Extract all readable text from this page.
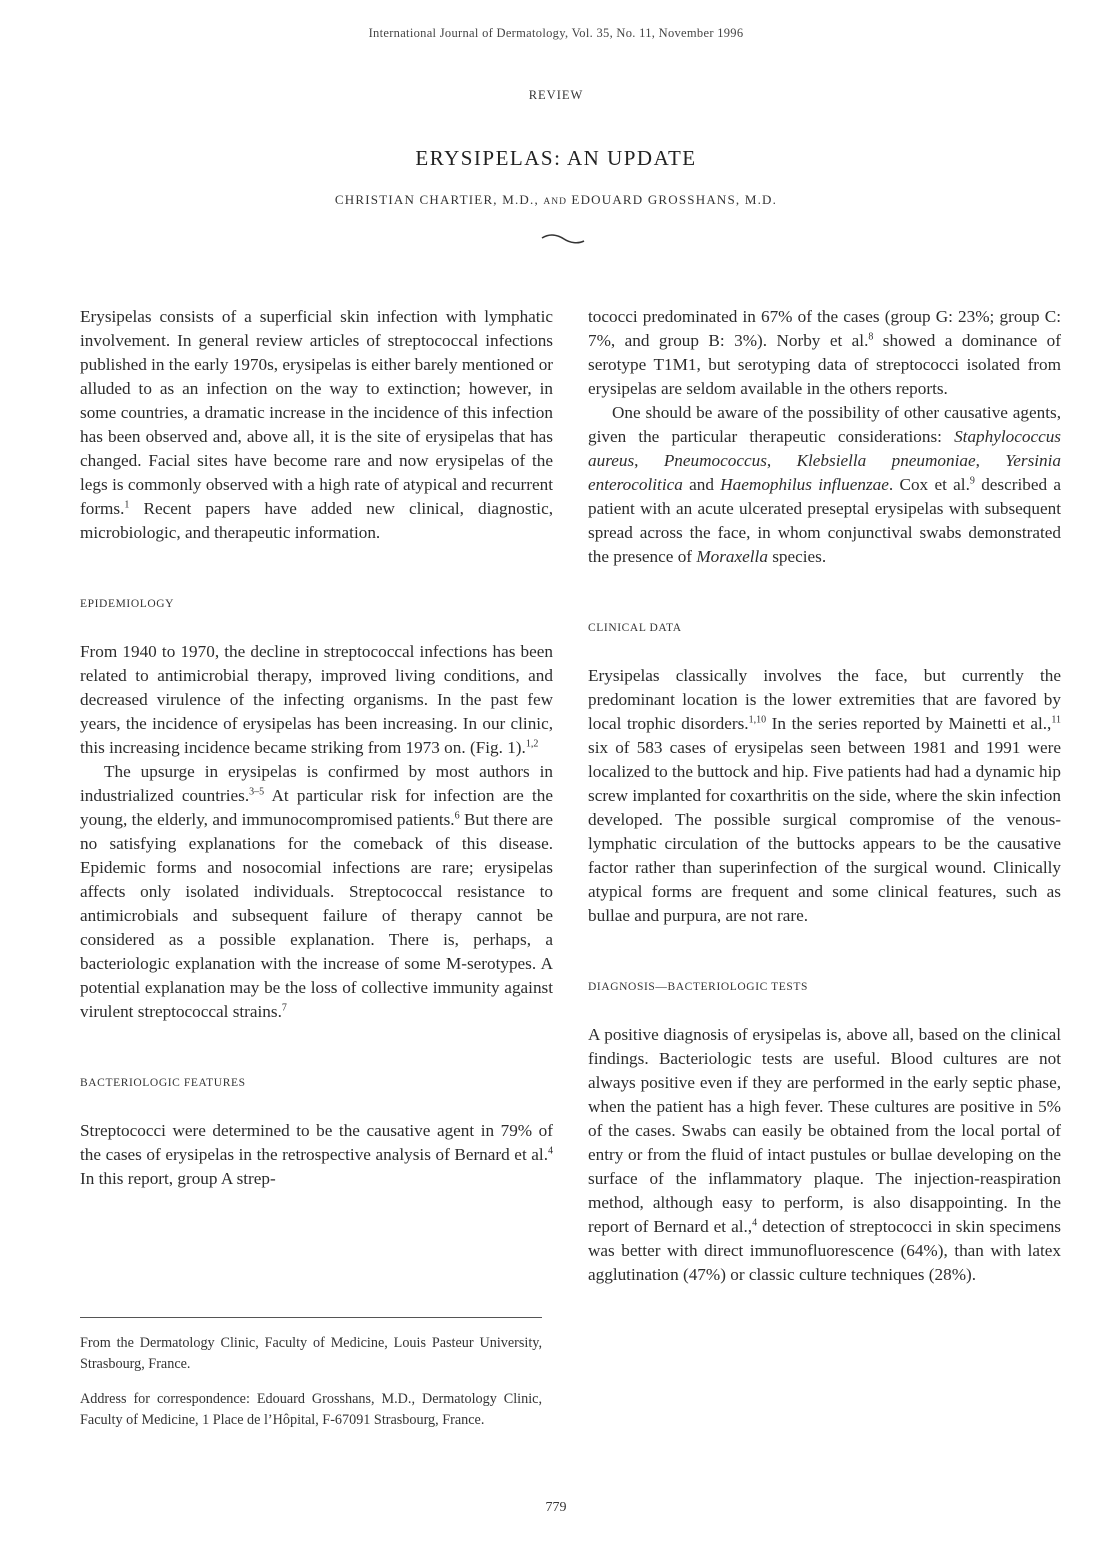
International Journal of Dermatology, Vol. 35, No. 11, November 1996
REVIEW
ERYSIPELAS: AN UPDATE
CHRISTIAN CHARTIER, M.D., AND EDOUARD GROSSHANS, M.D.

Erysipelas consists of a superficial skin infection with lymphatic involvement. In general review articles of streptococcal infections published in the early 1970s, erysipelas is either barely mentioned or alluded to as an infection on the way to extinction; however, in some countries, a dramatic increase in the incidence of this infection has been observed and, above all, it is the site of erysipelas that has changed. Facial sites have become rare and now erysipelas of the legs is commonly observed with a high rate of atypical and recurrent forms.$^1$ Recent papers have added new clinical, diagnostic, microbiologic, and therapeutic information.

EPIDEMIOLOGY

From 1940 to 1970, the decline in streptococcal infections has been related to antimicrobial therapy, improved living conditions, and decreased virulence of the infecting organisms. In the past few years, the incidence of erysipelas has been increasing. In our clinic, this increasing incidence became striking from 1973 on. (Fig. 1).$^{1,2}$

The upsurge in erysipelas is confirmed by most authors in industrialized countries.$^{3-5}$ At particular risk for infection are the young, the elderly, and immunocompromised patients.$^6$ But there are no satisfying explanations for the comeback of this disease. Epidemic forms and nosocomial infections are rare; erysipelas affects only isolated individuals. Streptococcal resistance to antimicrobials and subsequent failure of therapy cannot be considered as a possible explanation. There is, perhaps, a bacteriologic explanation with the increase of some M-serotypes. A potential explanation may be the loss of collective immunity against virulent streptococcal strains.$^7$

BACTERIOLOGIC FEATURES

Streptococci were determined to be the causative agent in 79% of the cases of erysipelas in the retrospective analysis of Bernard et al.$^4$ In this report, group A strep-

tococci predominated in 67% of the cases (group G: 23%; group C: 7%, and group B: 3%). Norby et al.$^8$ showed a dominance of serotype T1M1, but serotyping data of streptococci isolated from erysipelas are seldom available in the others reports.

One should be aware of the possibility of other causative agents, given the particular therapeutic considerations: Staphylococcus aureus, Pneumococcus, Klebsiella pneumoniae, Yersinia enterocolitica and Haemophilus influenzae. Cox et al.$^9$ described a patient with an acute ulcerated preseptal erysipelas with subsequent spread across the face, in whom conjunctival swabs demonstrated the presence of Moraxella species.

CLINICAL DATA

Erysipelas classically involves the face, but currently the predominant location is the lower extremities that are favored by local trophic disorders.$^{1,10}$ In the series reported by Mainetti et al.,$^{11}$ six of 583 cases of erysipelas seen between 1981 and 1991 were localized to the buttock and hip. Five patients had had a dynamic hip screw implanted for coxarthritis on the side, where the skin infection developed. The possible surgical compromise of the venous-lymphatic circulation of the buttocks appears to be the causative factor rather than superinfection of the surgical wound. Clinically atypical forms are frequent and some clinical features, such as bullae and purpura, are not rare.

DIAGNOSIS—BACTERIOLOGIC TESTS

A positive diagnosis of erysipelas is, above all, based on the clinical findings. Bacteriologic tests are useful. Blood cultures are not always positive even if they are performed in the early septic phase, when the patient has a high fever. These cultures are positive in 5% of the cases. Swabs can easily be obtained from the local portal of entry or from the fluid of intact pustules or bullae developing on the surface of the inflammatory plaque. The injection-reaspiration method, although easy to perform, is also disappointing. In the report of Bernard et al.,$^4$ detection of streptococci in skin specimens was better with direct immunofluorescence (64%), than with latex agglutination (47%) or classic culture techniques (28%).

From the Dermatology Clinic, Faculty of Medicine, Louis Pasteur University, Strasbourg, France.

Address for correspondence: Edouard Grosshans, M.D., Dermatology Clinic, Faculty of Medicine, 1 Place de l’Hôpital, F-67091 Strasbourg, France.

779
